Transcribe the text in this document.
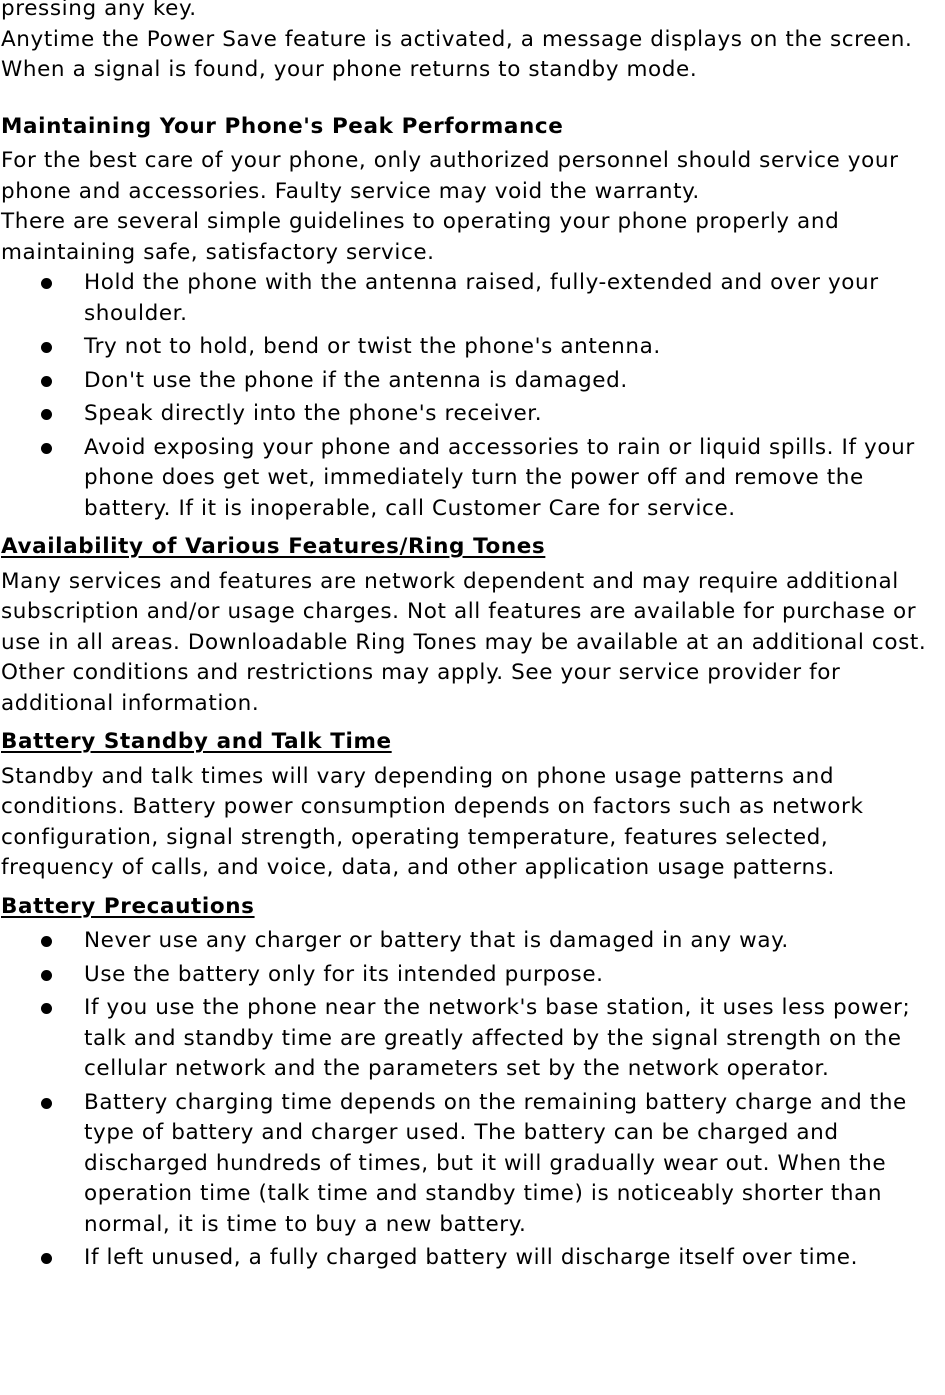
pressing any key.

Anytime the Power Save feature is activated, a message displays on the screen. When a signal is found, your phone returns to standby mode.

Maintaining Your Phone's Peak Performance

For the best care of your phone, only authorized personnel should service your phone and accessories. Faulty service may void the warranty.

There are several simple guidelines to operating your phone properly and maintaining safe, satisfactory service.

Hold the phone with the antenna raised, fully-extended and over your shoulder.
Try not to hold, bend or twist the phone's antenna.
Don't use the phone if the antenna is damaged.
Speak directly into the phone's receiver.
Avoid exposing your phone and accessories to rain or liquid spills. If your phone does get wet, immediately turn the power off and remove the battery. If it is inoperable, call Customer Care for service.
Availability of Various Features/Ring Tones

Many services and features are network dependent and may require additional subscription and/or usage charges. Not all features are available for purchase or use in all areas. Downloadable Ring Tones may be available at an additional cost. Other conditions and restrictions may apply. See your service provider for additional information.

Battery Standby and Talk Time

Standby and talk times will vary depending on phone usage patterns and conditions. Battery power consumption depends on factors such as network configuration, signal strength, operating temperature, features selected, frequency of calls, and voice, data, and other application usage patterns.

Battery Precautions
Never use any charger or battery that is damaged in any way.
Use the battery only for its intended purpose.
If you use the phone near the network's base station, it uses less power; talk and standby time are greatly affected by the signal strength on the cellular network and the parameters set by the network operator.
Battery charging time depends on the remaining battery charge and the type of battery and charger used. The battery can be charged and discharged hundreds of times, but it will gradually wear out. When the operation time (talk time and standby time) is noticeably shorter than normal, it is time to buy a new battery.
If left unused, a fully charged battery will discharge itself over time.
